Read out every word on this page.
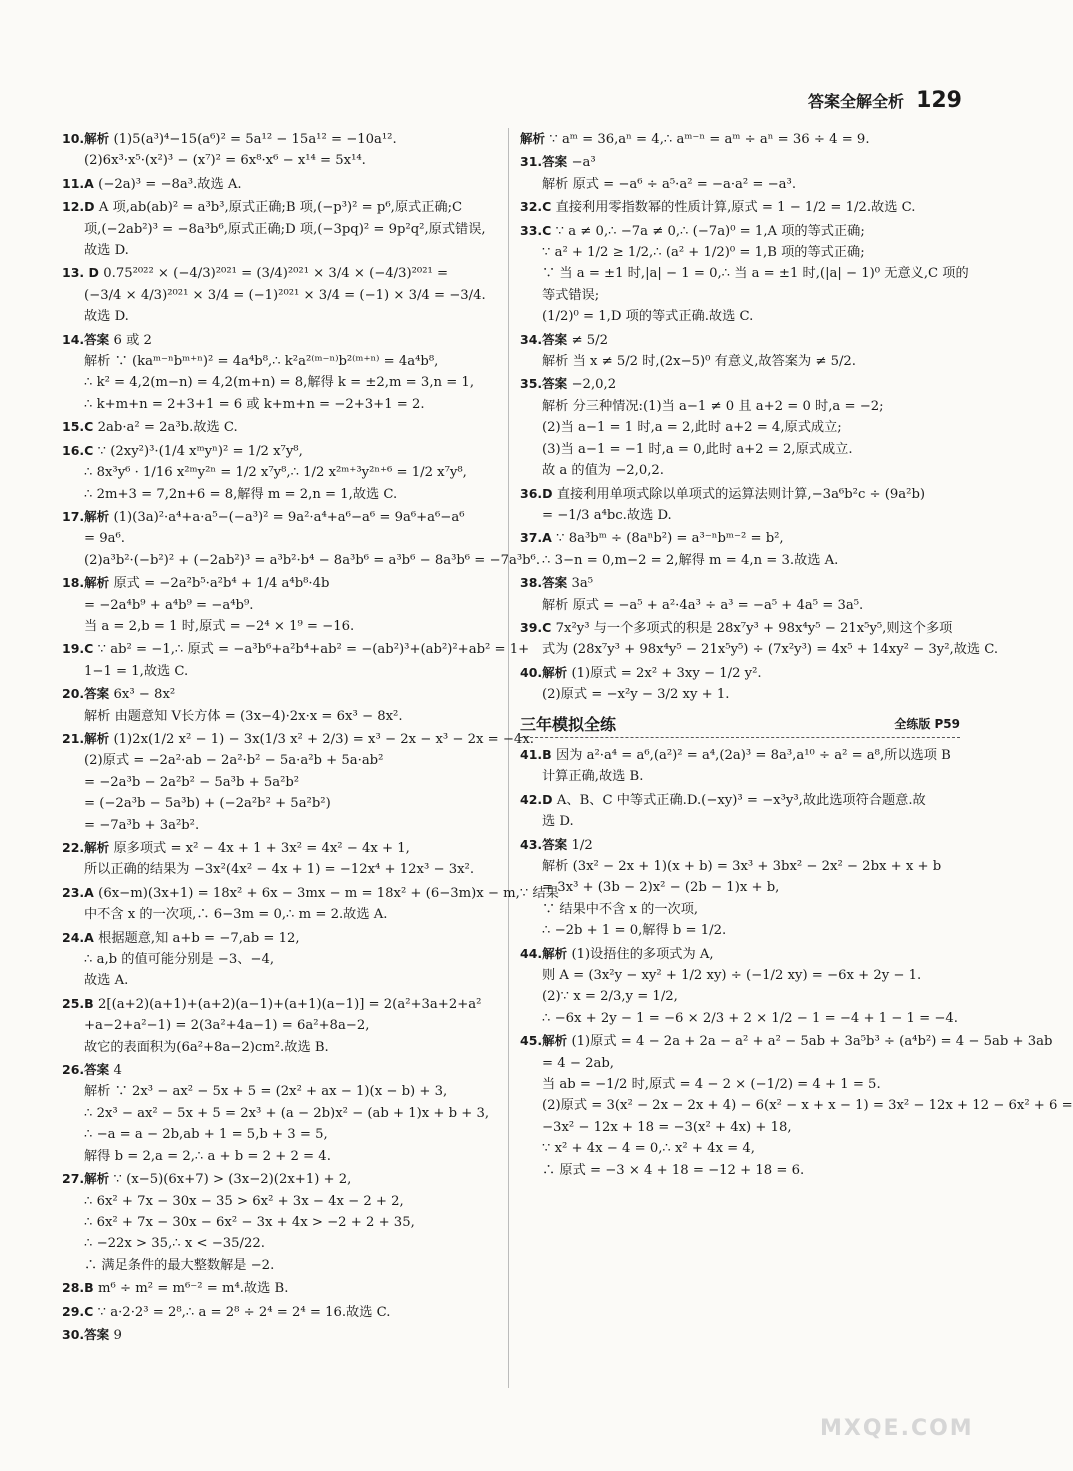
答案全解全析 129
10.解析 (1)5(a³)⁴−15(a⁶)² = 5a¹² − 15a¹² = −10a¹².
(2)6x³·x⁵·(x²)³ − (x⁷)² = 6x⁸·x⁶ − x¹⁴ = 5x¹⁴.
11.A (−2a)³ = −8a³.故选 A.
12.D A 项,ab(ab)² = a³b³,原式正确;B 项,(−p³)² = p⁶,原式正确;C
项,(−2ab²)³ = −8a³b⁶,原式正确;D 项,(−3pq)² = 9p²q²,原式错误,
故选 D.
13. D 0.75²⁰²² × (−4/3)²⁰²¹ = (3/4)²⁰²¹ × 3/4 × (−4/3)²⁰²¹ =
(−3/4 × 4/3)²⁰²¹ × 3/4 = (−1)²⁰²¹ × 3/4 = (−1) × 3/4 = −3/4.
故选 D.
14.答案 6 或 2
解析 ∵ (kaᵐ⁻ⁿbᵐ⁺ⁿ)² = 4a⁴b⁸,∴ k²a²⁽ᵐ⁻ⁿ⁾b²⁽ᵐ⁺ⁿ⁾ = 4a⁴b⁸,
∴ k² = 4,2(m−n) = 4,2(m+n) = 8,解得 k = ±2,m = 3,n = 1,
∴ k+m+n = 2+3+1 = 6 或 k+m+n = −2+3+1 = 2.
15.C 2ab·a² = 2a³b.故选 C.
16.C ∵ (2xy²)³·(1/4 xᵐyⁿ)² = 1/2 x⁷y⁸,
∴ 8x³y⁶ · 1/16 x²ᵐy²ⁿ = 1/2 x⁷y⁸,∴ 1/2 x²ᵐ⁺³y²ⁿ⁺⁶ = 1/2 x⁷y⁸,
∴ 2m+3 = 7,2n+6 = 8,解得 m = 2,n = 1,故选 C.
17.解析 (1)(3a)²·a⁴+a·a⁵−(−a³)² = 9a²·a⁴+a⁶−a⁶ = 9a⁶+a⁶−a⁶
= 9a⁶.
(2)a³b²·(−b²)² + (−2ab²)³ = a³b²·b⁴ − 8a³b⁶ = a³b⁶ − 8a³b⁶ = −7a³b⁶.
18.解析 原式 = −2a²b⁵·a²b⁴ + 1/4 a⁴b⁸·4b
= −2a⁴b⁹ + a⁴b⁹ = −a⁴b⁹.
当 a = 2,b = 1 时,原式 = −2⁴ × 1⁹ = −16.
19.C ∵ ab² = −1,∴ 原式 = −a³b⁶+a²b⁴+ab² = −(ab²)³+(ab²)²+ab² = 1+
1−1 = 1,故选 C.
20.答案 6x³ − 8x²
解析 由题意知 V长方体 = (3x−4)·2x·x = 6x³ − 8x².
21.解析 (1)2x(1/2 x² − 1) − 3x(1/3 x² + 2/3) = x³ − 2x − x³ − 2x = −4x.
(2)原式 = −2a²·ab − 2a²·b² − 5a·a²b + 5a·ab²
= −2a³b − 2a²b² − 5a³b + 5a²b²
= (−2a³b − 5a³b) + (−2a²b² + 5a²b²)
= −7a³b + 3a²b².
22.解析 原多项式 = x² − 4x + 1 + 3x² = 4x² − 4x + 1,
所以正确的结果为 −3x²(4x² − 4x + 1) = −12x⁴ + 12x³ − 3x².
23.A (6x−m)(3x+1) = 18x² + 6x − 3mx − m = 18x² + (6−3m)x − m,∵ 结果
中不含 x 的一次项,∴ 6−3m = 0,∴ m = 2.故选 A.
24.A 根据题意,知 a+b = −7,ab = 12,
∴ a,b 的值可能分别是 −3、−4,
故选 A.
25.B 2[(a+2)(a+1)+(a+2)(a−1)+(a+1)(a−1)] = 2(a²+3a+2+a²
+a−2+a²−1) = 2(3a²+4a−1) = 6a²+8a−2,
故它的表面积为(6a²+8a−2)cm².故选 B.
26.答案 4
解析 ∵ 2x³ − ax² − 5x + 5 = (2x² + ax − 1)(x − b) + 3,
∴ 2x³ − ax² − 5x + 5 = 2x³ + (a − 2b)x² − (ab + 1)x + b + 3,
∴ −a = a − 2b,ab + 1 = 5,b + 3 = 5,
解得 b = 2,a = 2,∴ a + b = 2 + 2 = 4.
27.解析 ∵ (x−5)(6x+7) > (3x−2)(2x+1) + 2,
∴ 6x² + 7x − 30x − 35 > 6x² + 3x − 4x − 2 + 2,
∴ 6x² + 7x − 30x − 6x² − 3x + 4x > −2 + 2 + 35,
∴ −22x > 35,∴ x < −35/22.
∴ 满足条件的最大整数解是 −2.
28.B m⁶ ÷ m² = m⁶⁻² = m⁴.故选 B.
29.C ∵ a·2·2³ = 2⁸,∴ a = 2⁸ ÷ 2⁴ = 2⁴ = 16.故选 C.
30.答案 9
解析 ∵ aᵐ = 36,aⁿ = 4,∴ aᵐ⁻ⁿ = aᵐ ÷ aⁿ = 36 ÷ 4 = 9.
31.答案 −a³
解析 原式 = −a⁶ ÷ a⁵·a² = −a·a² = −a³.
32.C 直接利用零指数幂的性质计算,原式 = 1 − 1/2 = 1/2.故选 C.
33.C ∵ a ≠ 0,∴ −7a ≠ 0,∴ (−7a)⁰ = 1,A 项的等式正确;
∵ a² + 1/2 ≥ 1/2,∴ (a² + 1/2)⁰ = 1,B 项的等式正确;
∵ 当 a = ±1 时,|a| − 1 = 0,∴ 当 a = ±1 时,(|a| − 1)⁰ 无意义,C 项的
等式错误;
(1/2)⁰ = 1,D 项的等式正确.故选 C.
34.答案 ≠ 5/2
解析 当 x ≠ 5/2 时,(2x−5)⁰ 有意义,故答案为 ≠ 5/2.
35.答案 −2,0,2
解析 分三种情况:(1)当 a−1 ≠ 0 且 a+2 = 0 时,a = −2;
(2)当 a−1 = 1 时,a = 2,此时 a+2 = 4,原式成立;
(3)当 a−1 = −1 时,a = 0,此时 a+2 = 2,原式成立.
故 a 的值为 −2,0,2.
36.D 直接利用单项式除以单项式的运算法则计算,−3a⁶b²c ÷ (9a²b)
= −1/3 a⁴bc.故选 D.
37.A ∵ 8a³bᵐ ÷ (8aⁿb²) = a³⁻ⁿbᵐ⁻² = b²,
∴ 3−n = 0,m−2 = 2,解得 m = 4,n = 3.故选 A.
38.答案 3a⁵
解析 原式 = −a⁵ + a²·4a³ ÷ a³ = −a⁵ + 4a⁵ = 3a⁵.
39.C 7x²y³ 与一个多项式的积是 28x⁷y³ + 98x⁴y⁵ − 21x⁵y⁵,则这个多项
式为 (28x⁷y³ + 98x⁴y⁵ − 21x⁵y⁵) ÷ (7x²y³) = 4x⁵ + 14xy² − 3y²,故选 C.
40.解析 (1)原式 = 2x² + 3xy − 1/2 y².
(2)原式 = −x²y − 3/2 xy + 1.
三年模拟全练	全练版 P59
41.B 因为 a²·a⁴ = a⁶,(a²)² = a⁴,(2a)³ = 8a³,a¹⁰ ÷ a² = a⁸,所以选项 B
计算正确,故选 B.
42.D A、B、C 中等式正确.D.(−xy)³ = −x³y³,故此选项符合题意.故
选 D.
43.答案 1/2
解析 (3x² − 2x + 1)(x + b) = 3x³ + 3bx² − 2x² − 2bx + x + b
= 3x³ + (3b − 2)x² − (2b − 1)x + b,
∵ 结果中不含 x 的一次项,
∴ −2b + 1 = 0,解得 b = 1/2.
44.解析 (1)设捂住的多项式为 A,
则 A = (3x²y − xy² + 1/2 xy) ÷ (−1/2 xy) = −6x + 2y − 1.
(2)∵ x = 2/3,y = 1/2,
∴ −6x + 2y − 1 = −6 × 2/3 + 2 × 1/2 − 1 = −4 + 1 − 1 = −4.
45.解析 (1)原式 = 4 − 2a + 2a − a² + a² − 5ab + 3a⁵b³ ÷ (a⁴b²) = 4 − 5ab + 3ab
= 4 − 2ab,
当 ab = −1/2 时,原式 = 4 − 2 × (−1/2) = 4 + 1 = 5.
(2)原式 = 3(x² − 2x − 2x + 4) − 6(x² − x + x − 1) = 3x² − 12x + 12 − 6x² + 6 =
−3x² − 12x + 18 = −3(x² + 4x) + 18,
∵ x² + 4x − 4 = 0,∴ x² + 4x = 4,
∴ 原式 = −3 × 4 + 18 = −12 + 18 = 6.
MXQE.COM
